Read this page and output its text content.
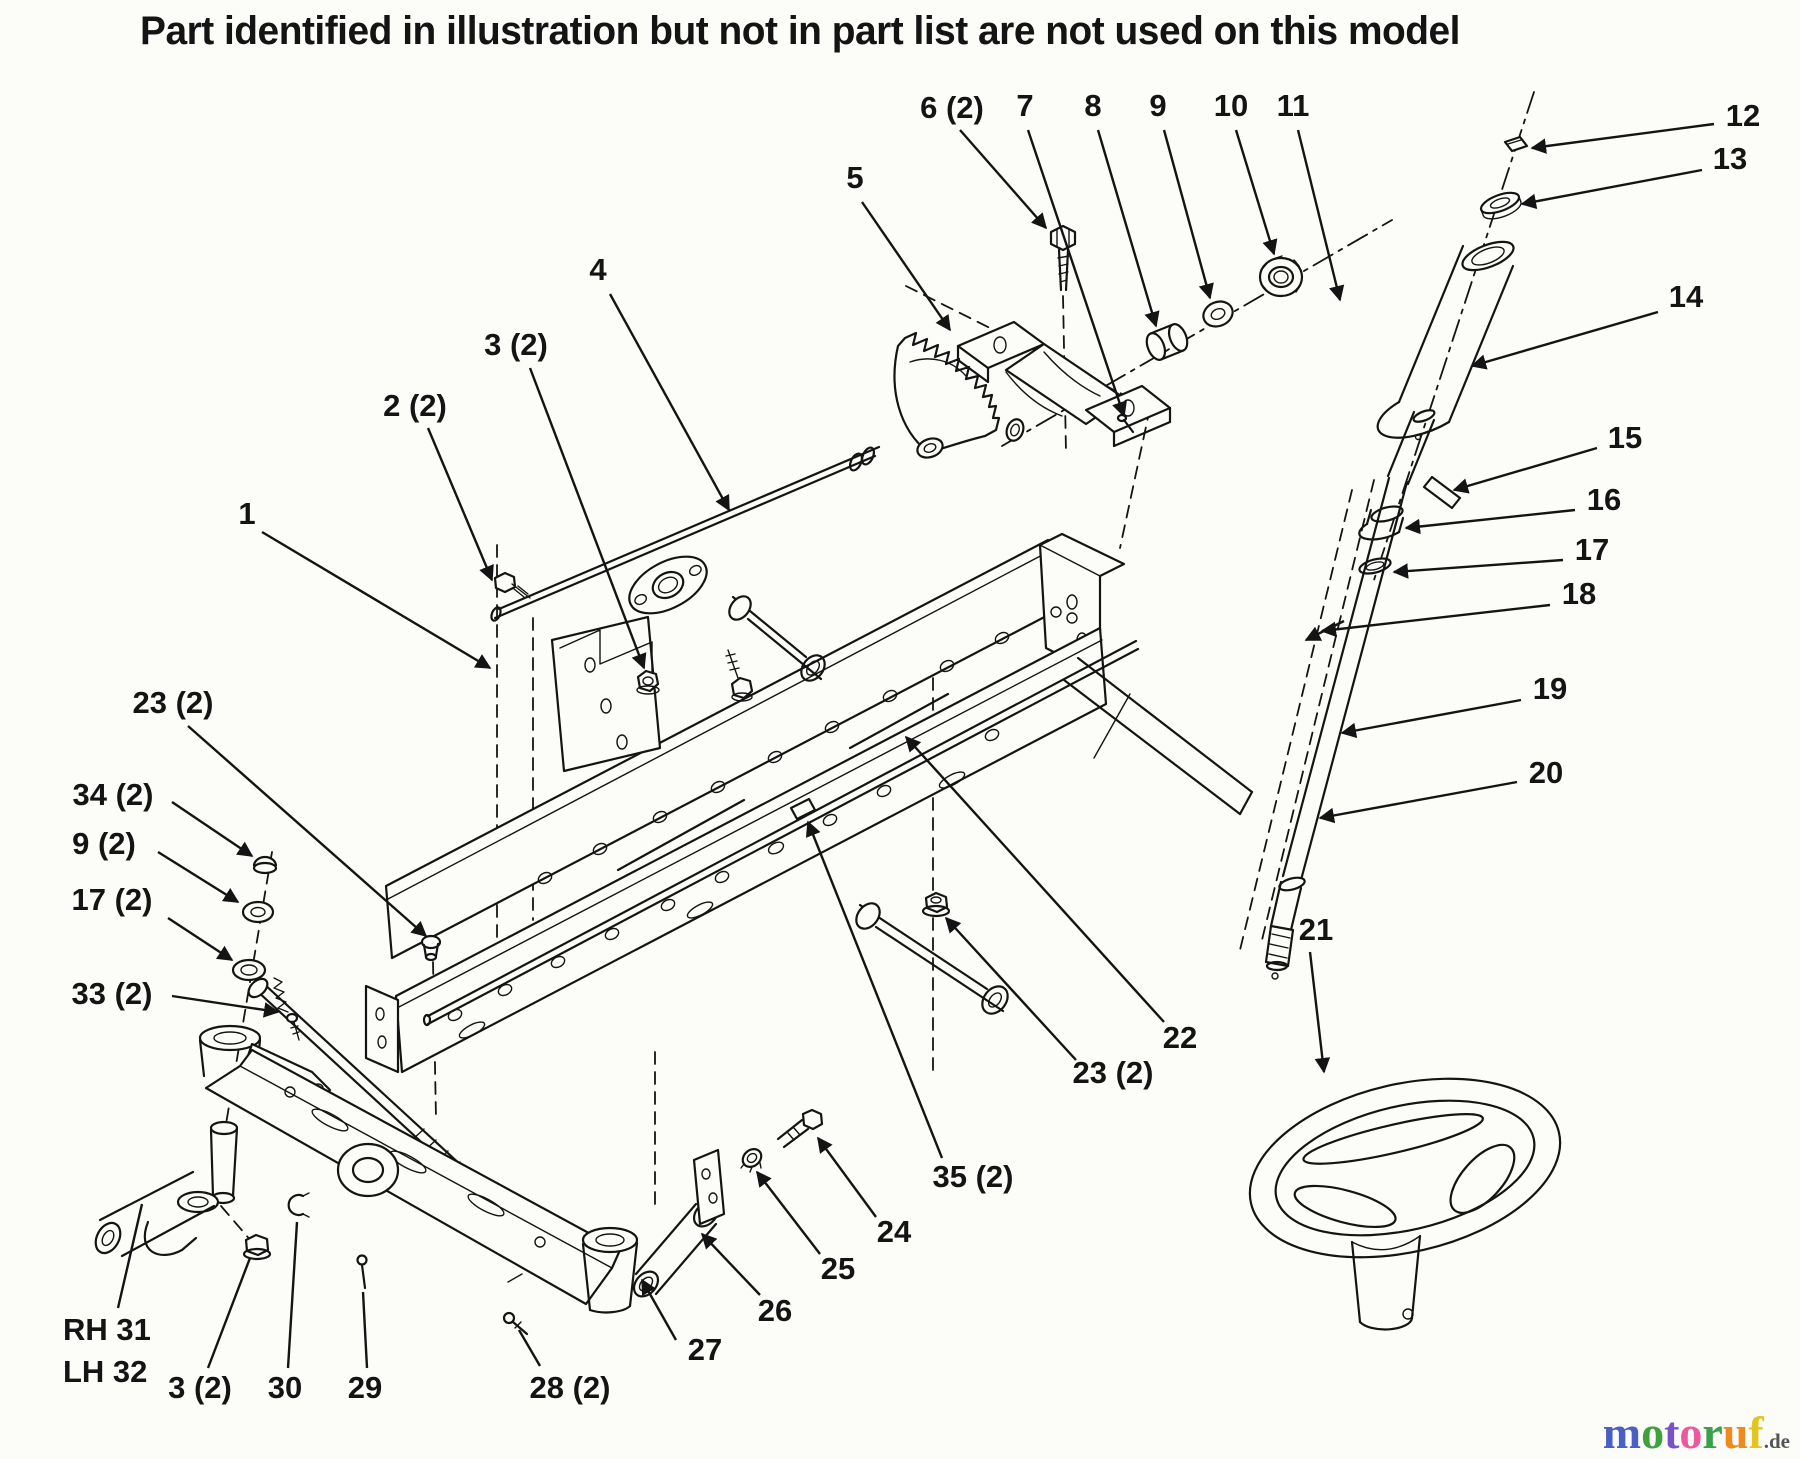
1
2 (2)
3 (2)
4
5
6 (2) 7 8 9 10 11	12
13
14
15
16
17
18
19
20
21
22
23 (2)
23 (2)
34 (2)
9 (2)
17 (2)
33 (2)
RH 31
LH 32 3 (2) 30 29	28 (2)
27
26
25
24
35 (2)
Part identified in illustration but not in part list are not used on this model
motoruf.de
